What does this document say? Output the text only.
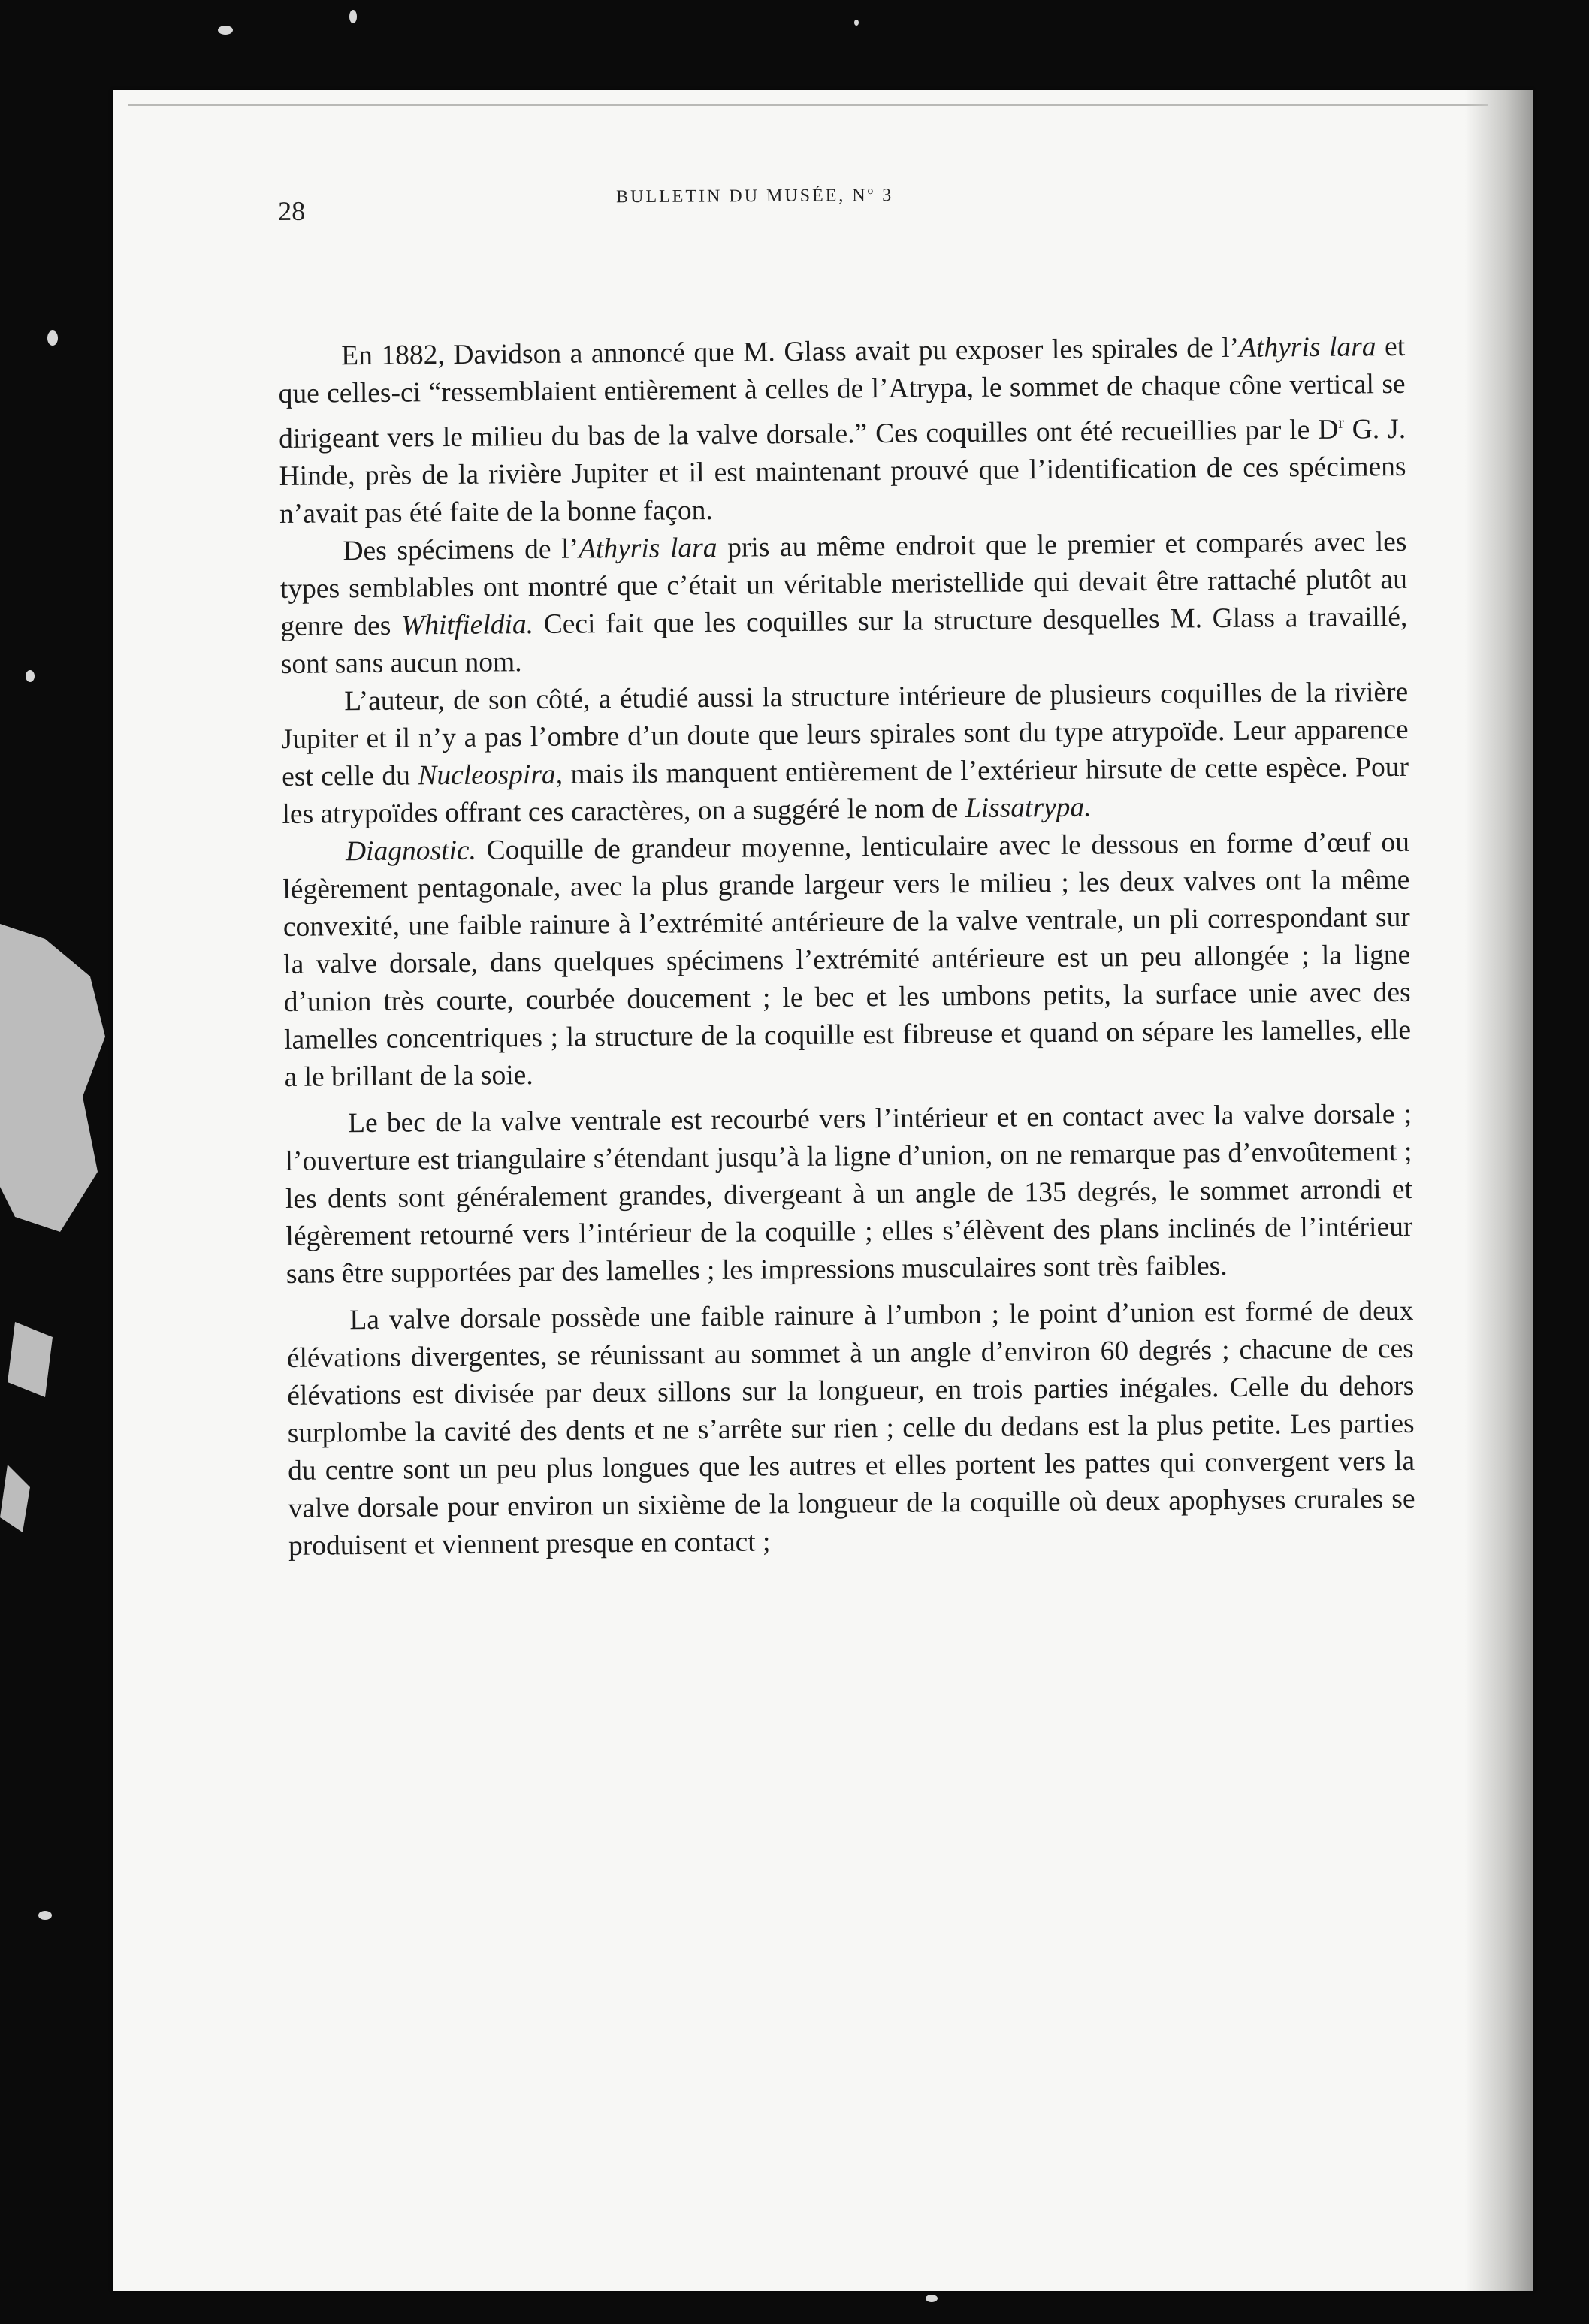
28	BULLETIN DU MUSÉE, Nº 3

En 1882, Davidson a annoncé que M. Glass avait pu exposer les spirales de l’Athyris lara et que celles-ci “ressemblaient entièrement à celles de l’Atrypa, le sommet de chaque cône vertical se dirigeant vers le milieu du bas de la valve dorsale.” Ces coquilles ont été recueillies par le $D^r$ G. J. Hinde, près de la rivière Jupiter et il est maintenant prouvé que l’identification de ces spécimens n’avait pas été faite de la bonne façon.

Des spécimens de l’Athyris lara pris au même endroit que le premier et comparés avec les types semblables ont montré que c’était un véritable meristellide qui devait être rattaché plutôt au genre des Whitfieldia. Ceci fait que les coquilles sur la structure desquelles M. Glass a travaillé, sont sans aucun nom.

L’auteur, de son côté, a étudié aussi la structure intérieure de plusieurs coquilles de la rivière Jupiter et il n’y a pas l’ombre d’un doute que leurs spirales sont du type atrypoïde. Leur apparence est celle du Nucleospira, mais ils manquent entièrement de l’extérieur hirsute de cette espèce. Pour les atrypoïdes offrant ces caractères, on a suggéré le nom de Lissatrypa.

Diagnostic. Coquille de grandeur moyenne, lenticulaire avec le dessous en forme d’œuf ou légèrement pentagonale, avec la plus grande largeur vers le milieu ; les deux valves ont la même convexité, une faible rainure à l’extrémité antérieure de la valve ventrale, un pli correspondant sur la valve dorsale, dans quelques spécimens l’extrémité antérieure est un peu allongée ; la ligne d’union très courte, courbée doucement ; le bec et les umbons petits, la surface unie avec des lamelles concentriques ; la structure de la coquille est fibreuse et quand on sépare les lamelles, elle a le brillant de la soie.

Le bec de la valve ventrale est recourbé vers l’intérieur et en contact avec la valve dorsale ; l’ouverture est triangulaire s’étendant jusqu’à la ligne d’union, on ne remarque pas d’envoûtement ; les dents sont généralement grandes, divergeant à un angle de 135 degrés, le sommet arrondi et légèrement retourné vers l’intérieur de la coquille ; elles s’élèvent des plans inclinés de l’intérieur sans être supportées par des lamelles ; les impressions musculaires sont très faibles.

La valve dorsale possède une faible rainure à l’umbon ; le point d’union est formé de deux élévations divergentes, se réunissant au sommet à un angle d’environ 60 degrés ; chacune de ces élévations est divisée par deux sillons sur la longueur, en trois parties inégales. Celle du dehors surplombe la cavité des dents et ne s’arrête sur rien ; celle du dedans est la plus petite. Les parties du centre sont un peu plus longues que les autres et elles portent les pattes qui convergent vers la valve dorsale pour environ un sixième de la longueur de la coquille où deux apophyses crurales se produisent et viennent presque en contact ;
